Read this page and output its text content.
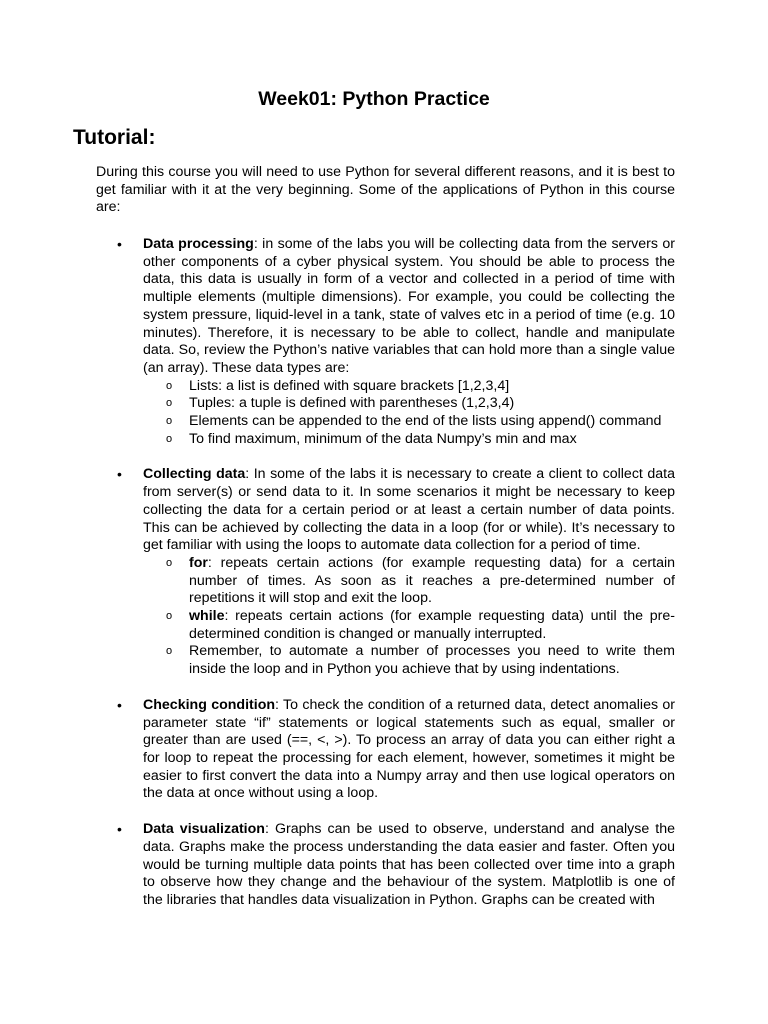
Week01: Python Practice
Tutorial:

During this course you will need to use Python for several different reasons, and it is best to get familiar with it at the very beginning. Some of the applications of Python in this course are:

• Data processing: in some of the labs you will be collecting data from the servers or other components of a cyber physical system. You should be able to process the data, this data is usually in form of a vector and collected in a period of time with multiple elements (multiple dimensions). For example, you could be collecting the system pressure, liquid-level in a tank, state of valves etc in a period of time (e.g. 10 minutes). Therefore, it is necessary to be able to collect, handle and manipulate data. So, review the Python’s native variables that can hold more than a single value (an array). These data types are:
o Lists: a list is defined with square brackets [1,2,3,4]
o Tuples: a tuple is defined with parentheses (1,2,3,4)
o Elements can be appended to the end of the lists using append() command
o To find maximum, minimum of the data Numpy’s min and max
• Collecting data: In some of the labs it is necessary to create a client to collect data from server(s) or send data to it. In some scenarios it might be necessary to keep collecting the data for a certain period or at least a certain number of data points. This can be achieved by collecting the data in a loop (for or while). It’s necessary to get familiar with using the loops to automate data collection for a period of time.
o for: repeats certain actions (for example requesting data) for a certain number of times. As soon as it reaches a pre-determined number of repetitions it will stop and exit the loop.
o while: repeats certain actions (for example requesting data) until the pre-determined condition is changed or manually interrupted.
o Remember, to automate a number of processes you need to write them inside the loop and in Python you achieve that by using indentations.
• Checking condition: To check the condition of a returned data, detect anomalies or parameter state “if” statements or logical statements such as equal, smaller or greater than are used (==, <, >). To process an array of data you can either right a for loop to repeat the processing for each element, however, sometimes it might be easier to first convert the data into a Numpy array and then use logical operators on the data at once without using a loop.
• Data visualization: Graphs can be used to observe, understand and analyse the data. Graphs make the process understanding the data easier and faster. Often you would be turning multiple data points that has been collected over time into a graph to observe how they change and the behaviour of the system. Matplotlib is one of the libraries that handles data visualization in Python. Graphs can be created with
